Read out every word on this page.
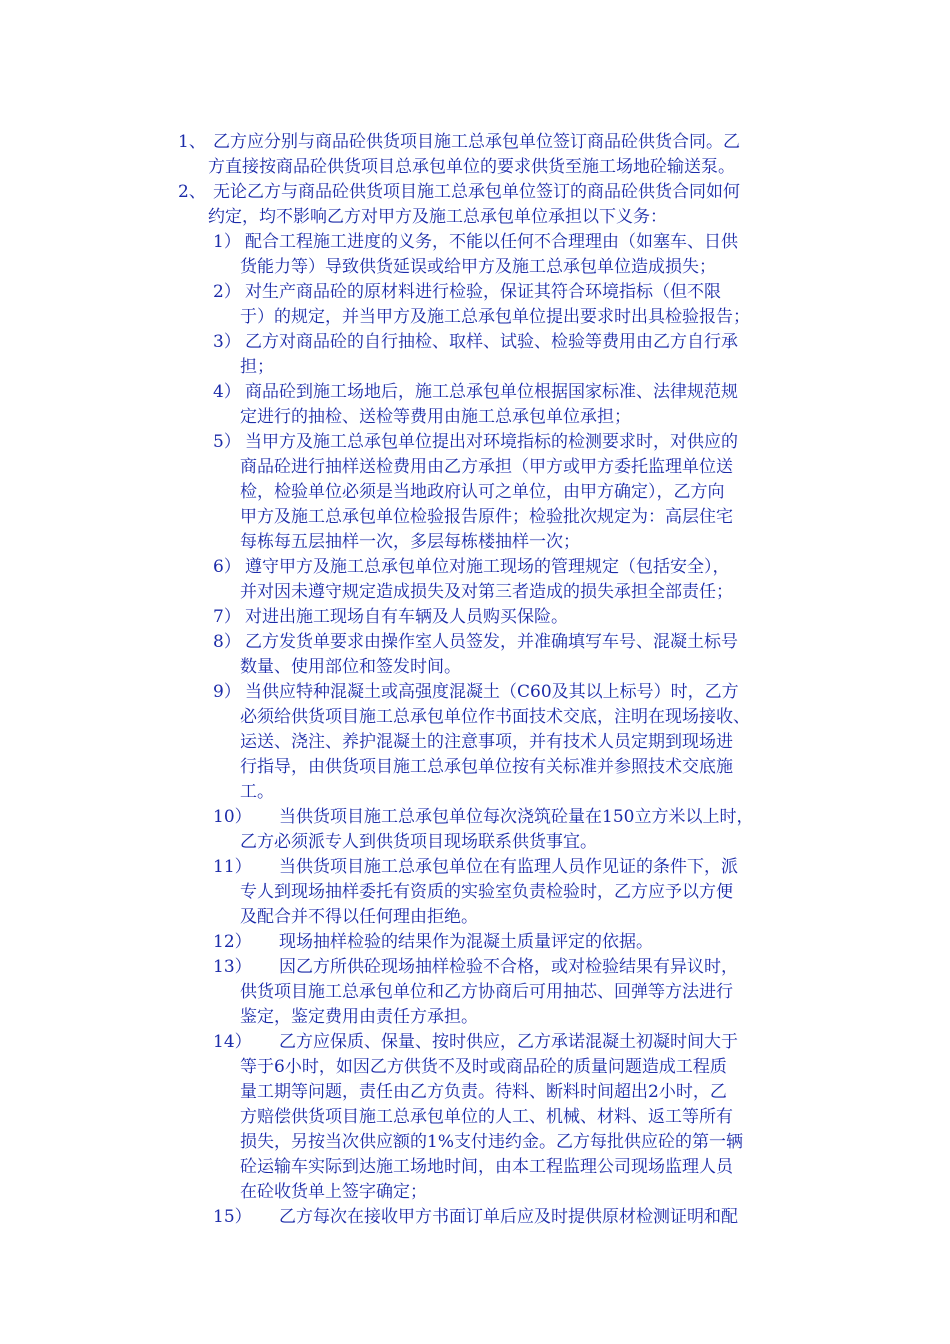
1、 乙方应分别与商品砼供货项目施工总承包单位签订商品砼供货合同。乙
方直接按商品砼供货项目总承包单位的要求供货至施工场地砼输送泵。
2、 无论乙方与商品砼供货项目施工总承包单位签订的商品砼供货合同如何
约定，均不影响乙方对甲方及施工总承包单位承担以下义务：
1） 配合工程施工进度的义务，不能以任何不合理理由（如塞车、日供
货能力等）导致供货延误或给甲方及施工总承包单位造成损失；
2） 对生产商品砼的原材料进行检验，保证其符合环境指标（但不限
于）的规定，并当甲方及施工总承包单位提出要求时出具检验报告；
3） 乙方对商品砼的自行抽检、取样、试验、检验等费用由乙方自行承
担；
4） 商品砼到施工场地后，施工总承包单位根据国家标准、法律规范规
定进行的抽检、送检等费用由施工总承包单位承担；
5） 当甲方及施工总承包单位提出对环境指标的检测要求时，对供应的
商品砼进行抽样送检费用由乙方承担（甲方或甲方委托监理单位送
检，检验单位必须是当地政府认可之单位，由甲方确定），乙方向
甲方及施工总承包单位检验报告原件；检验批次规定为：高层住宅
每栋每五层抽样一次，多层每栋楼抽样一次；
6） 遵守甲方及施工总承包单位对施工现场的管理规定（包括安全），
并对因未遵守规定造成损失及对第三者造成的损失承担全部责任；
7） 对进出施工现场自有车辆及人员购买保险。
8） 乙方发货单要求由操作室人员签发，并准确填写车号、混凝土标号
数量、使用部位和签发时间。
9） 当供应特种混凝土或高强度混凝土（C60及其以上标号）时，乙方
必须给供货项目施工总承包单位作书面技术交底，注明在现场接收、
运送、浇注、养护混凝土的注意事项，并有技术人员定期到现场进
行指导，由供货项目施工总承包单位按有关标准并参照技术交底施
工。
10） 当供货项目施工总承包单位每次浇筑砼量在150立方米以上时，
乙方必须派专人到供货项目现场联系供货事宜。
11） 当供货项目施工总承包单位在有监理人员作见证的条件下，派
专人到现场抽样委托有资质的实验室负责检验时，乙方应予以方便
及配合并不得以任何理由拒绝。
12） 现场抽样检验的结果作为混凝土质量评定的依据。
13） 因乙方所供砼现场抽样检验不合格，或对检验结果有异议时，
供货项目施工总承包单位和乙方协商后可用抽芯、回弹等方法进行
鉴定，鉴定费用由责任方承担。
14） 乙方应保质、保量、按时供应，乙方承诺混凝土初凝时间大于
等于6小时，如因乙方供货不及时或商品砼的质量问题造成工程质
量工期等问题，责任由乙方负责。待料、断料时间超出2小时，乙
方赔偿供货项目施工总承包单位的人工、机械、材料、返工等所有
损失，另按当次供应额的1%支付违约金。乙方每批供应砼的第一辆
砼运输车实际到达施工场地时间，由本工程监理公司现场监理人员
在砼收货单上签字确定；
15） 乙方每次在接收甲方书面订单后应及时提供原材检测证明和配
